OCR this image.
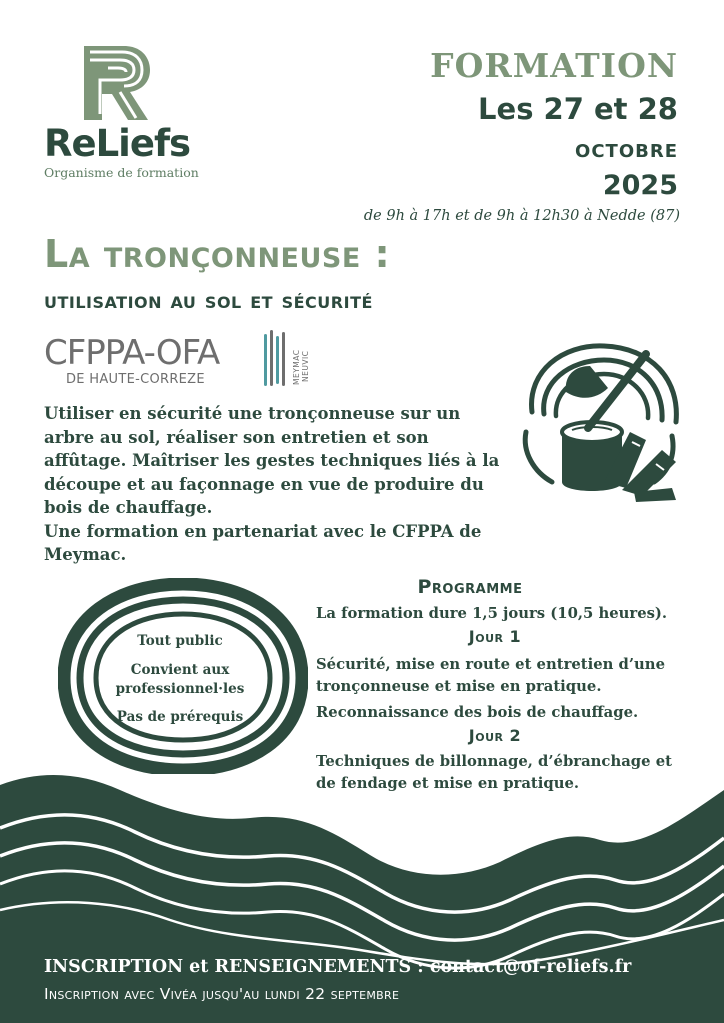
ReLiefs
Organisme de formation
FORMATION
Les 27 et 28
octobre
2025
de 9h à 17h et de 9h à 12h30 à Nedde (87)
La tronçonneuse :
utilisation au sol et sécurité
CFPPA-OFA
DE HAUTE-CORREZE	MEYMAC NEUVIC

Utiliser en sécurité une tronçonneuse sur un arbre au sol, réaliser son entretien et son affûtage. Maîtriser les gestes techniques liés à la découpe et au façonnage en vue de produire du bois de chauffage.

Une formation en partenariat avec le CFPPA de Meymac.

Tout public
Convient aux professionnel·les
Pas de prérequis
Programme
La formation dure 1,5 jours (10,5 heures).
Jour 1
Sécurité, mise en route et entretien d’une tronçonneuse et mise en pratique.
Reconnaissance des bois de chauffage.
Jour 2
Techniques de billonnage, d’ébranchage et de fendage et mise en pratique.
INSCRIPTION et RENSEIGNEMENTS : contact@of-reliefs.fr
Inscription avec Vivéa jusqu'au lundi 22 septembre
